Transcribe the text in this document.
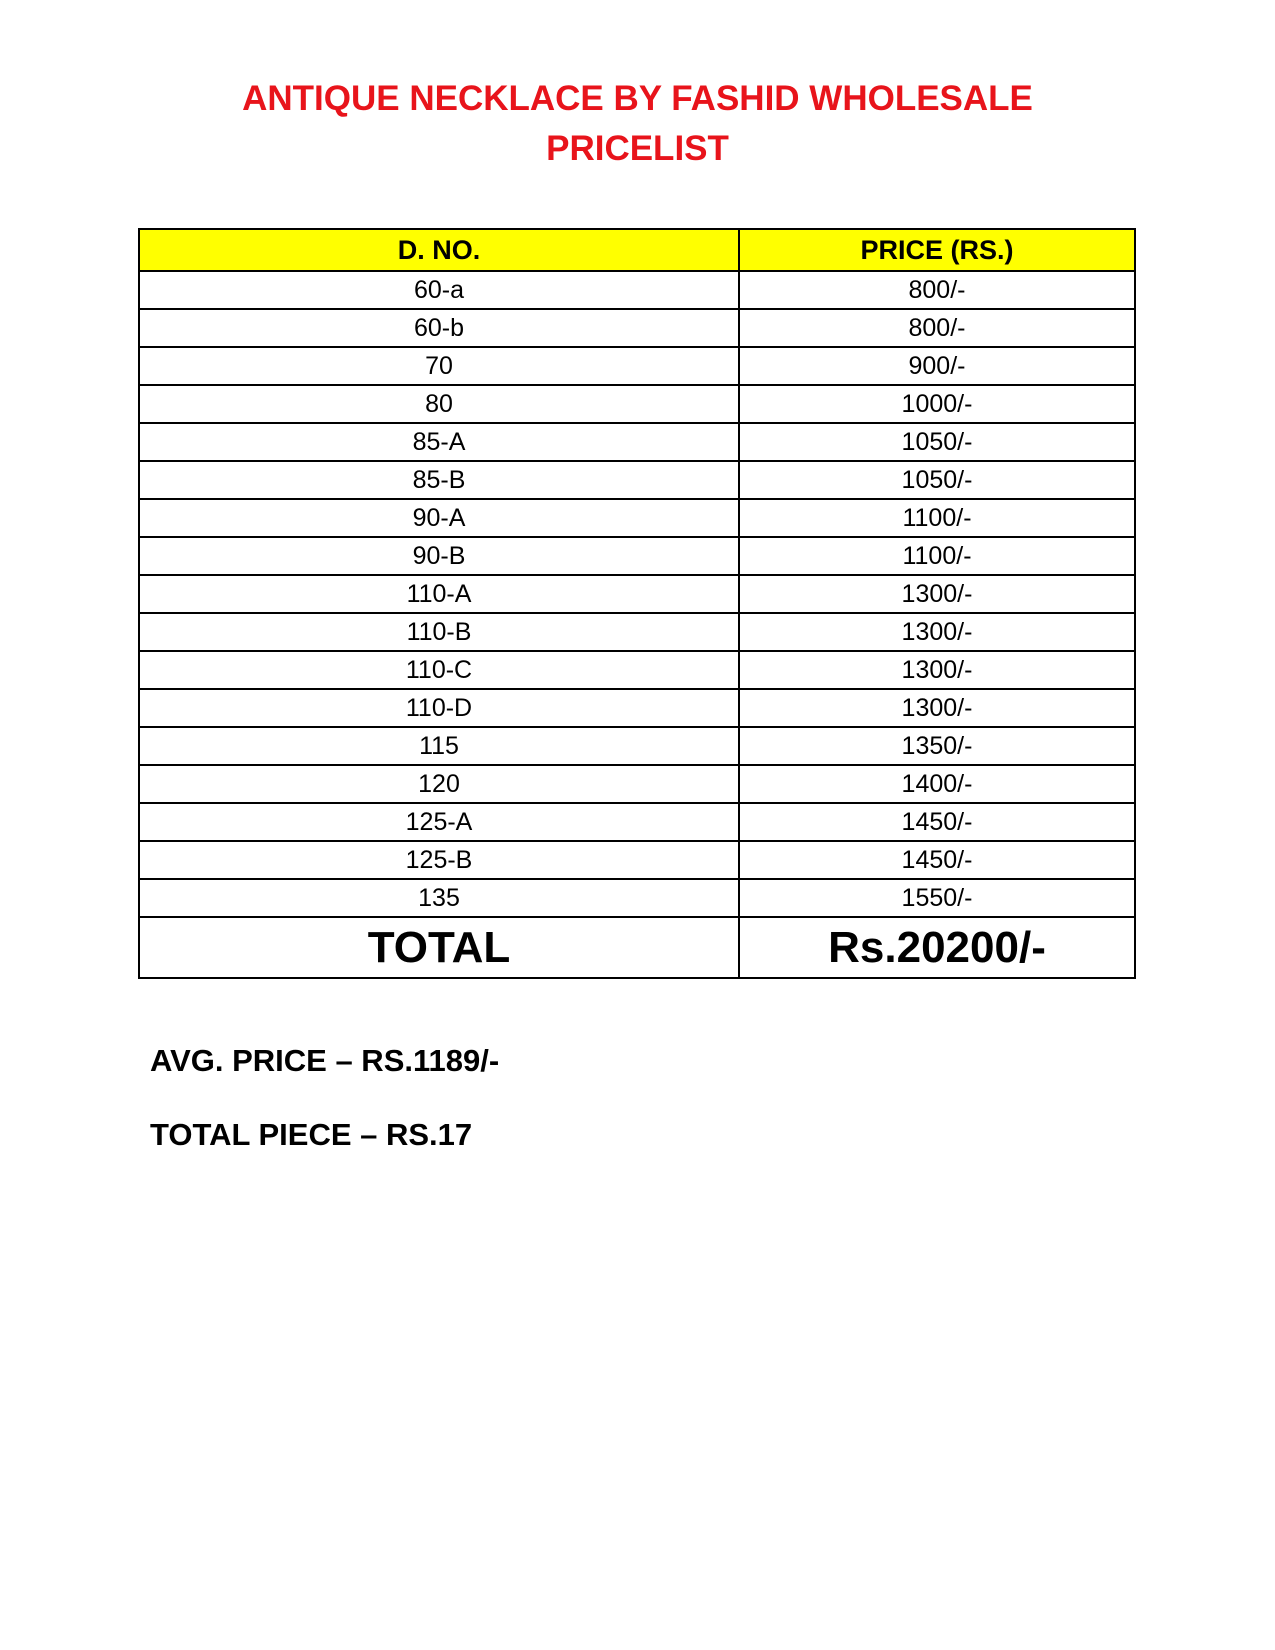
ANTIQUE NECKLACE BY FASHID WHOLESALE
PRICELIST
D. NO.	PRICE (RS.)
60-a	800/-
60-b	800/-
70	900/-
80	1000/-
85-A	1050/-
85-B	1050/-
90-A	1100/-
90-B	1100/-
110-A	1300/-
110-B	1300/-
110-C	1300/-
110-D	1300/-
115	1350/-
120	1400/-
125-A	1450/-
125-B	1450/-
135	1550/-
TOTAL	Rs.20200/-
AVG. PRICE – RS.1189/-
TOTAL PIECE – RS.17
